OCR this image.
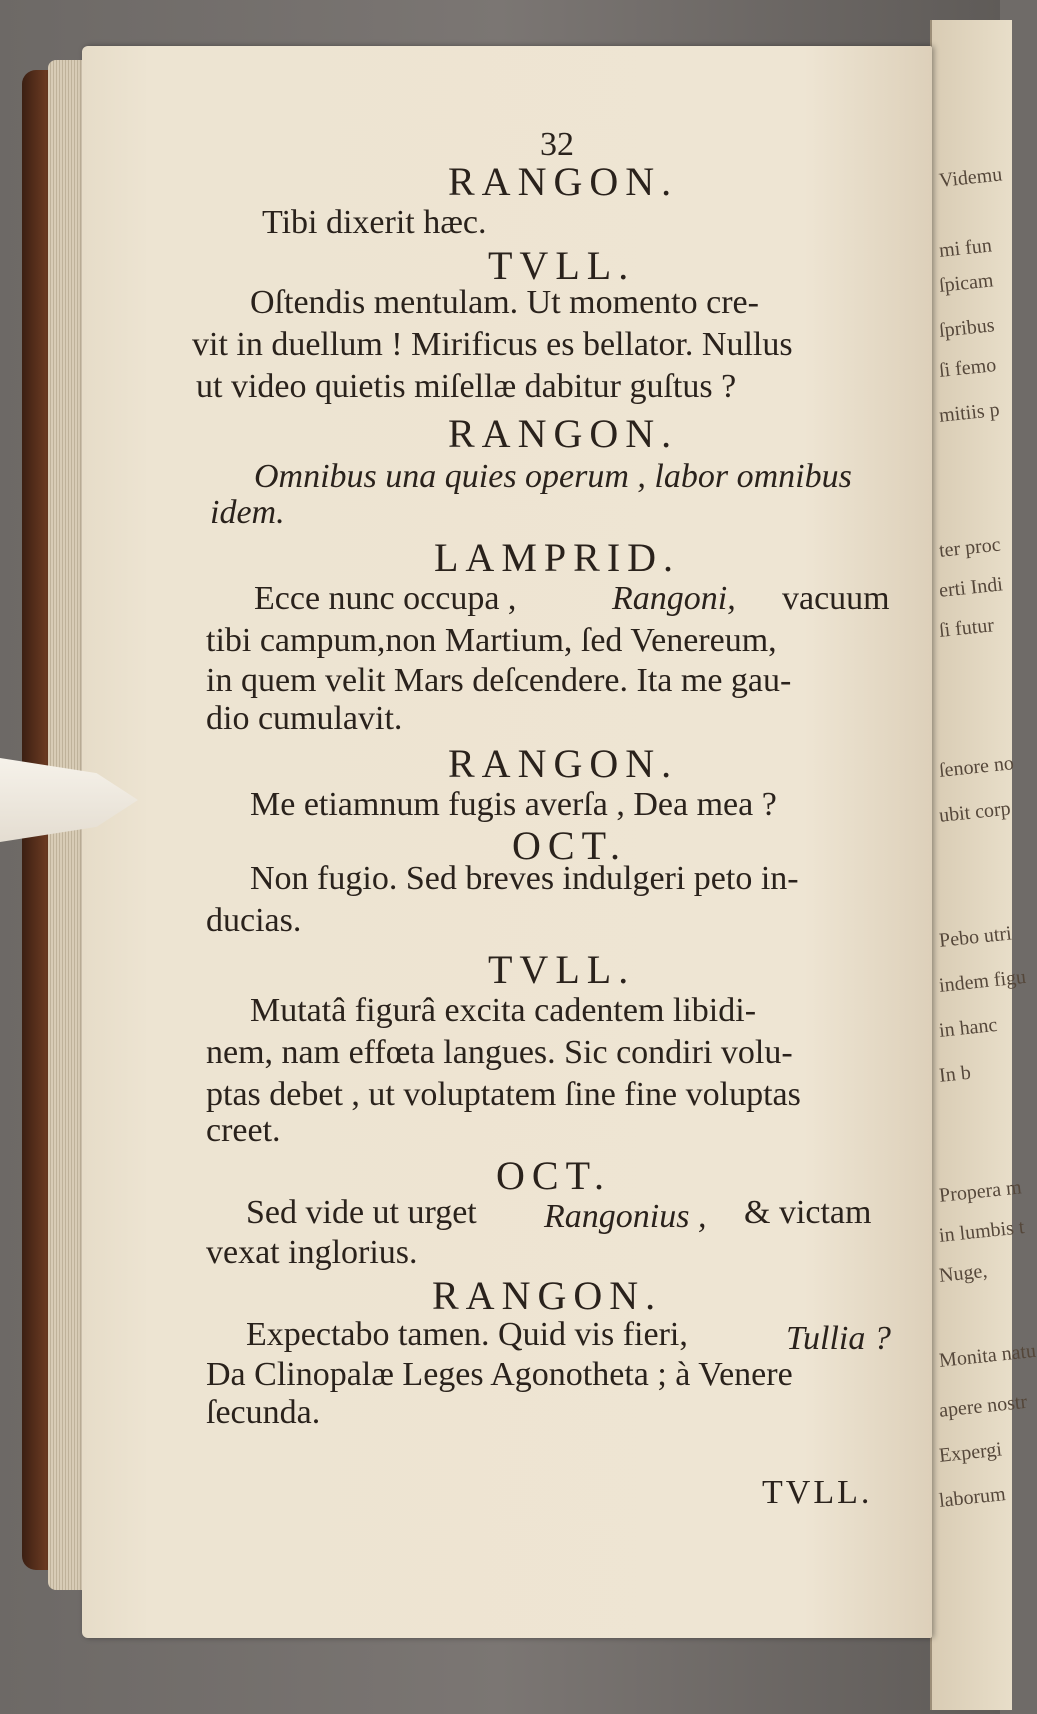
Videmu
mi fun
ſpicam
ſpribus
ſi femo
mitiis p
ter proc
erti Indi
ſi futur
ſenore no
ubit corp
Pebo utri
indem figu
in hanc
In b
Propera m
in lumbis t
Nuge,
Monita natu
apere nostr
Expergi
laborum
32
RANGON.
Tibi dixerit hæc.
TVLL.
Oſtendis mentulam. Ut momento cre-
vit in duellum ! Mirificus es bellator. Nullus
ut video quietis miſellæ dabitur guſtus ?
RANGON.
Omnibus una quies operum , labor omnibus
idem.
LAMPRID.
Ecce nunc occupa ,	Rangoni, vacuum
tibi campum,non Martium, ſed Venereum,
in quem velit Mars deſcendere. Ita me gau-
dio cumulavit.
RANGON.
Me etiamnum fugis averſa , Dea mea ?
OCT.
Non fugio. Sed breves indulgeri peto in-
ducias.
TVLL.
Mutatâ figurâ excita cadentem libidi-
nem, nam effœta langues. Sic condiri volu-
ptas debet , ut voluptatem ſine fine voluptas
creet.
OCT.
Sed vide ut urget Rangonius , & victam
vexat inglorius.
RANGON.
Expectabo tamen. Quid vis fieri,	Tullia ?
Da Clinopalæ Leges Agonotheta ; à Venere
ſecunda.
TVLL.
